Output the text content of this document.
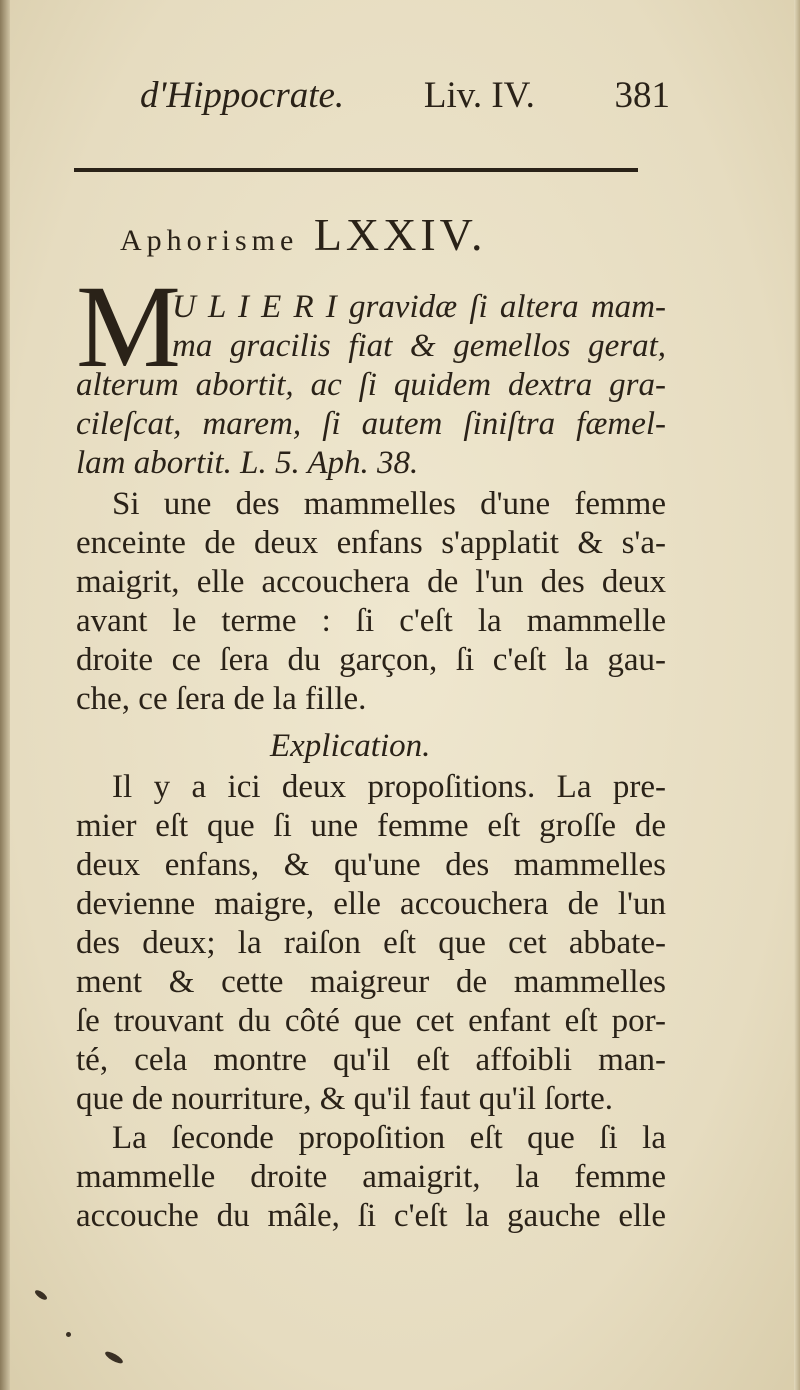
d'Hippocrate. Liv. IV. 381
Aphorisme LXXIV.
M
U L I E R I gravidæ ſi altera mam-
ma gracilis fiat & gemellos gerat,
alterum abortit, ac ſi quidem dextra gra-
cileſcat, marem, ſi autem ſiniſtra fæmel-
lam abortit. L. 5. Aph. 38.
Si une des mammelles d'une femme
enceinte de deux enfans s'applatit & s'a-
maigrit, elle accouchera de l'un des deux
avant le terme : ſi c'eſt la mammelle
droite ce ſera du garçon, ſi c'eſt la gau-
che, ce ſera de la fille.
Explication.
Il y a ici deux propoſitions. La pre-
mier eſt que ſi une femme eſt groſſe de
deux enfans, & qu'une des mammelles
devienne maigre, elle accouchera de l'un
des deux; la raiſon eſt que cet abbate-
ment & cette maigreur de mammelles
ſe trouvant du côté que cet enfant eſt por-
té, cela montre qu'il eſt affoibli man-
que de nourriture, & qu'il faut qu'il ſorte.
La ſeconde propoſition eſt que ſi la
mammelle droite amaigrit, la femme
accouche du mâle, ſi c'eſt la gauche elle
